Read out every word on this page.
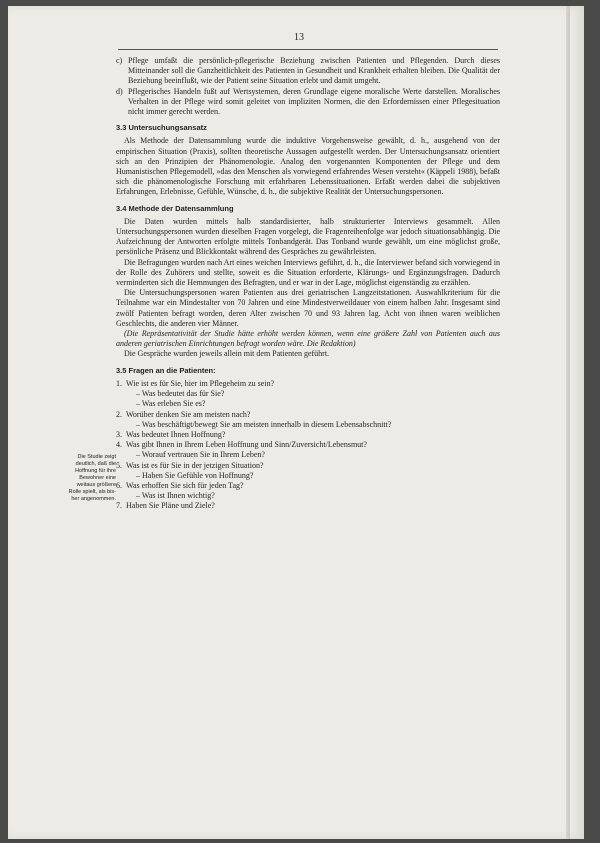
13
Die Studie zeigt
deutlich, daß die
Hoffnung für ihre
Bewohner eine
weitaus größere
Rolle spielt, als bis-
her angenommen.
c) Pflege umfaßt die persönlich-pflegerische Beziehung zwischen Patienten und Pflegenden. Durch dieses Mitteinander soll die Ganzheitlichkeit des Patienten in Gesundheit und Krankheit erhalten bleiben. Die Qualität der Beziehung beeinflußt, wie der Patient seine Situation erlebt und damit umgeht.
d) Pflegerisches Handeln fußt auf Wertsystemen, deren Grundlage eigene moralische Werte darstellen. Moralisches Verhalten in der Pflege wird somit geleitet von impliziten Normen, die den Erfordernissen einer Pflegesituation nicht immer gerecht werden.
3.3 Untersuchungsansatz

Als Methode der Datensammlung wurde die induktive Vorgehensweise gewählt, d. h., ausgehend von der empirischen Situation (Praxis), sollten theoretische Aussagen aufgestellt werden. Der Untersuchungsansatz orientiert sich an den Prinzipien der Phänomenologie. Analog den vorgenannten Komponenten der Pflege und dem Humanistischen Pflegemodell, »das den Menschen als vorwiegend erfahrendes Wesen versteht« (Käppeli 1988), befaßt sich die phänomenologische Forschung mit erfahrbaren Lebenssituationen. Erfaßt werden dabei die subjektiven Erfahrungen, Erlebnisse, Gefühle, Wünsche, d. h., die subjektive Realität der Untersuchungspersonen.

3.4 Methode der Datensammlung

Die Daten wurden mittels halb standardisierter, halb strukturierter Interviews gesammelt. Allen Untersuchungspersonen wurden dieselben Fragen vorgelegt, die Fragenreihenfolge war jedoch situationsabhängig. Die Aufzeichnung der Antworten erfolgte mittels Tonbandgerät. Das Tonband wurde gewählt, um eine möglichst große, persönliche Präsenz und Blickkontakt während des Gespräches zu gewährleisten.

Die Befragungen wurden nach Art eines weichen Interviews geführt, d. h., die Interviewer befand sich vorwiegend in der Rolle des Zuhörers und stellte, soweit es die Situation erforderte, Klärungs- und Ergänzungsfragen. Dadurch verminderten sich die Hemmungen des Befragten, und er war in der Lage, möglichst eigenständig zu erzählen.

Die Untersuchungspersonen waren Patienten aus drei geriatrischen Langzeitstationen. Auswahlkriterium für die Teilnahme war ein Mindestalter von 70 Jahren und eine Mindestverweildauer von einem halben Jahr. Insgesamt sind zwölf Patienten befragt worden, deren Alter zwischen 70 und 93 Jahren lag. Acht von ihnen waren weiblichen Geschlechts, die anderen vier Männer.

(Die Repräsentativität der Studie hätte erhöht werden können, wenn eine größere Zahl von Patienten auch aus anderen geriatrischen Einrichtungen befragt worden wäre. Die Redaktion)

Die Gespräche wurden jeweils allein mit dem Patienten geführt.

3.5 Fragen an die Patienten:
1. Wie ist es für Sie, hier im Pflegeheim zu sein?
– Was bedeutet das für Sie?
– Was erleben Sie es?
2. Worüber denken Sie am meisten nach?
– Was beschäftigt/bewegt Sie am meisten innerhalb in diesem Lebensabschnitt?
3. Was bedeutet Ihnen Hoffnung?
4. Was gibt Ihnen in Ihrem Leben Hoffnung und Sinn/Zuversicht/Lebensmut?
– Worauf vertrauen Sie in Ihrem Leben?
5. Was ist es für Sie in der jetzigen Situation?
– Haben Sie Gefühle von Hoffnung?
6. Was erhoffen Sie sich für jeden Tag?
– Was ist Ihnen wichtig?
7. Haben Sie Pläne und Ziele?
